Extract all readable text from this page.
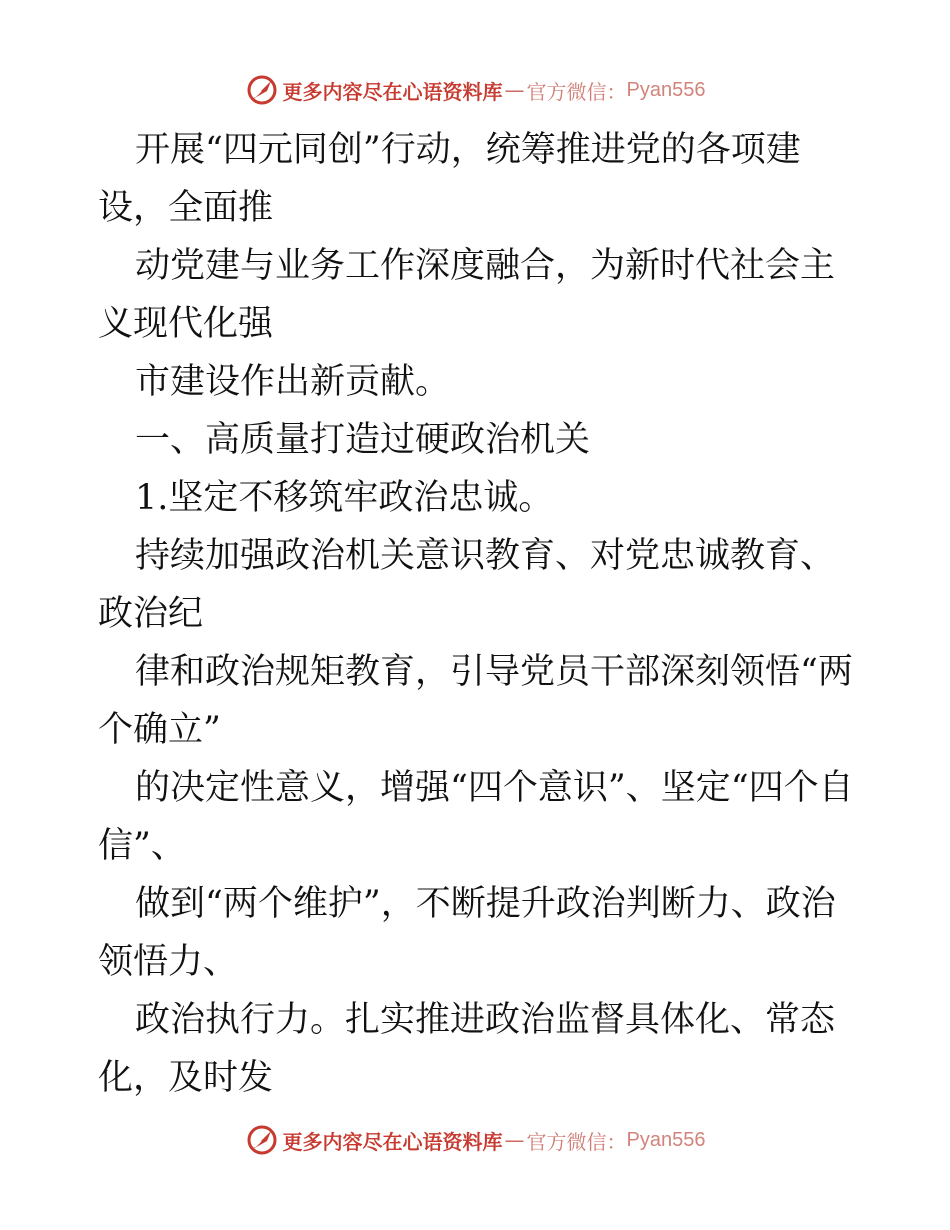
更多内容尽在心语资料库 — 官方微信： Pyan556

开展“四元同创”行动，统筹推进党的各项建设，全面推

动党建与业务工作深度融合，为新时代社会主义现代化强

市建设作出新贡献。

一、高质量打造过硬政治机关

1.坚定不移筑牢政治忠诚。

持续加强政治机关意识教育、对党忠诚教育、政治纪

律和政治规矩教育，引导党员干部深刻领悟“两个确立”

的决定性意义，增强“四个意识”、坚定“四个自信”、

做到“两个维护”，不断提升政治判断力、政治领悟力、

政治执行力。扎实推进政治监督具体化、常态化，及时发

更多内容尽在心语资料库 — 官方微信： Pyan556
